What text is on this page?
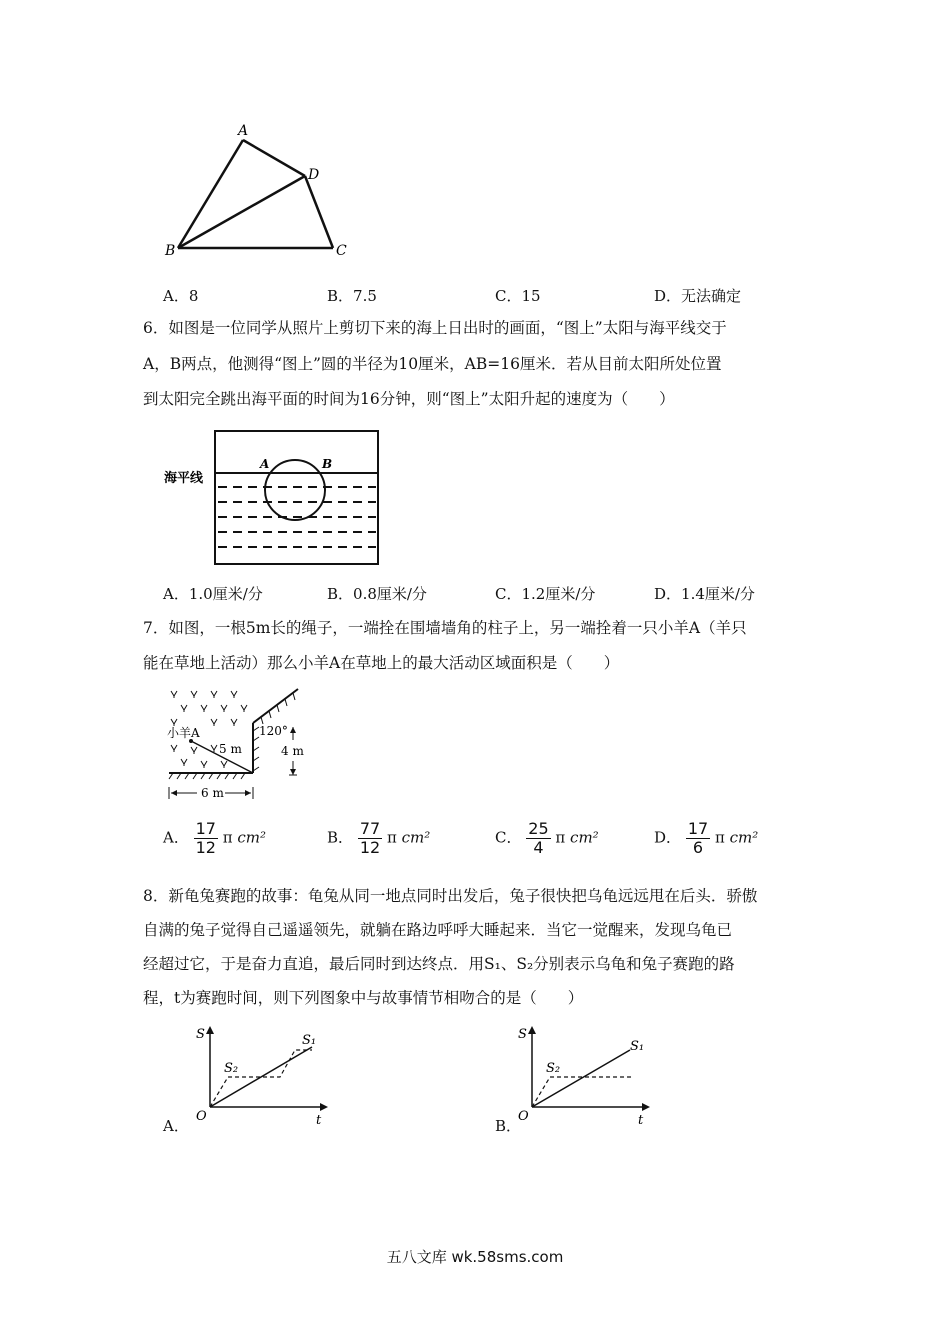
A
D
C
B
A．8	B．7.5	C．15	D．无法确定
6．如图是一位同学从照片上剪切下来的海上日出时的画面，“图上”太阳与海平线交于
A，B两点，他测得“图上”圆的半径为10厘米，AB=16厘米．若从目前太阳所处位置
到太阳完全跳出海平面的时间为16分钟，则“图上”太阳升起的速度为（　　）
海平线
A	B
A．1.0厘米/分	B．0.8厘米/分	C．1.2厘米/分	D．1.4厘米/分
7．如图，一根5m长的绳子，一端拴在围墙墙角的柱子上，另一端拴着一只小羊A（羊只
能在草地上活动）那么小羊A在草地上的最大活动区域面积是（　　）
小羊A
5 m
120°
4 m
6 m
A． $\frac{17}{12}$ π cm²	B． $\frac{77}{12}$ π cm²	C． $\frac{25}{4}$ π cm²	D． $\frac{17}{6}$ π cm²
8．新龟兔赛跑的故事：龟兔从同一地点同时出发后，兔子很快把乌龟远远甩在后头．骄傲
自满的兔子觉得自己遥遥领先，就躺在路边呼呼大睡起来．当它一觉醒来，发现乌龟已
经超过它，于是奋力直追，最后同时到达终点．用S₁、S₂分别表示乌龟和兔子赛跑的路
程，t为赛跑时间，则下列图象中与故事情节相吻合的是（　　）
S
t
O
S₁
S₂
A．
S
t
O
S₁
S₂
B．
五八文库 wk.58sms.com
